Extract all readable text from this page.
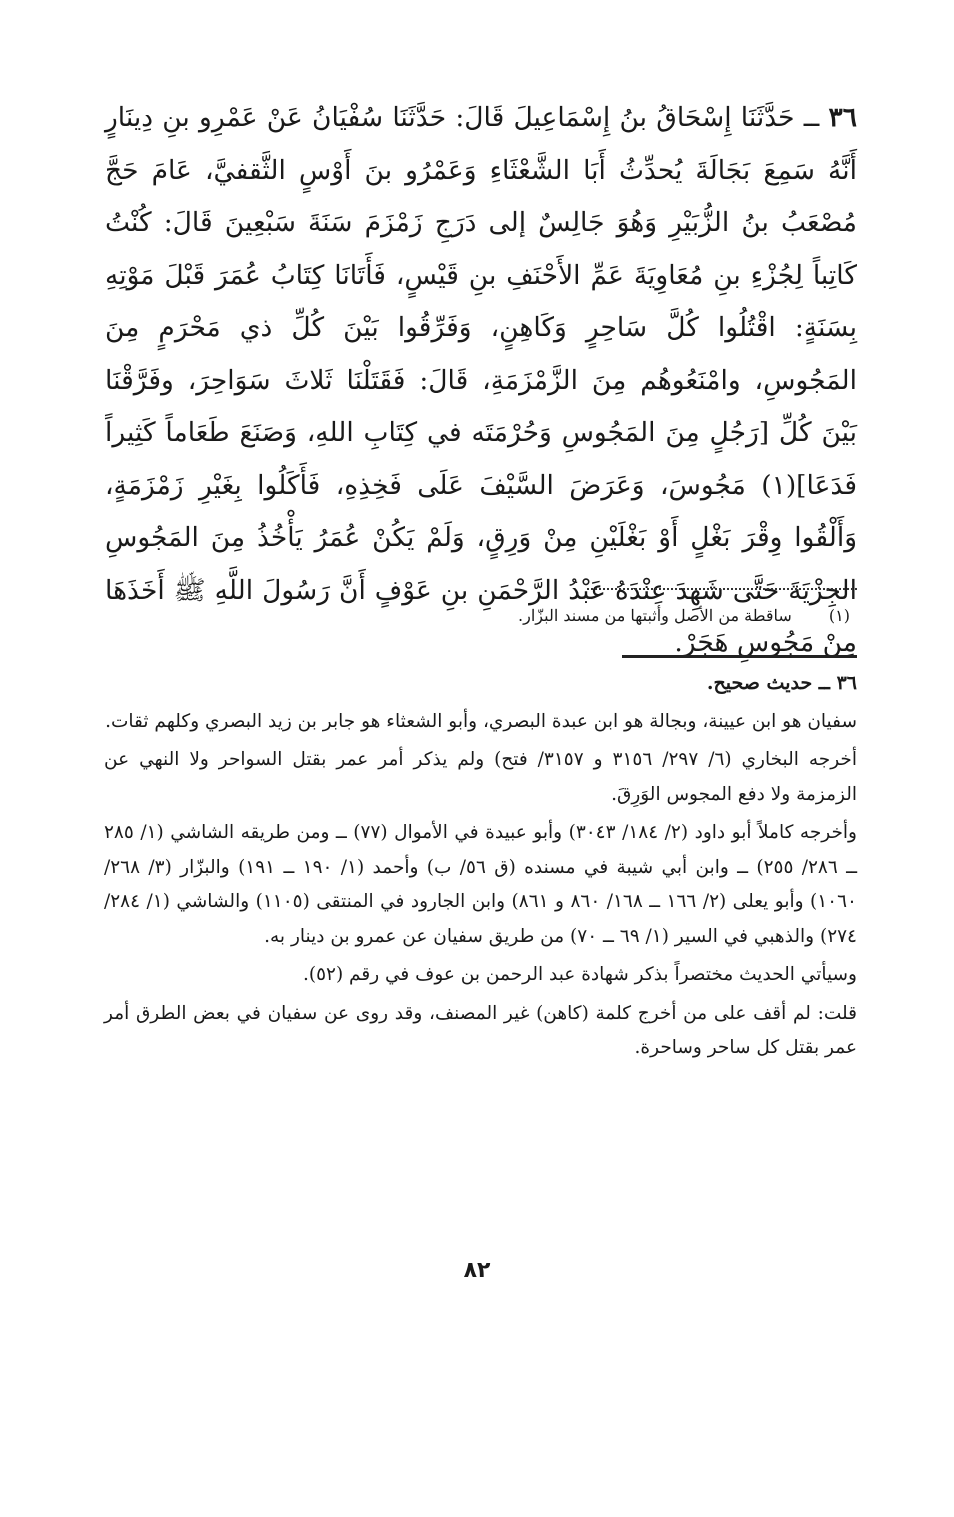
٣٦ ــ حَدَّثَنَا إِسْحَاقُ بنُ إِسْمَاعِيلَ قَالَ: حَدَّثَنَا سُفْيَانُ عَنْ عَمْرِو بنِ دِينَارٍ أَنَّهُ سَمِعَ بَجَالَةَ يُحدِّثُ أَبَا الشَّعْثَاءِ وَعَمْرُو بنَ أَوْسٍ الثَّقفيَّ، عَامَ حَجَّ مُصْعَبُ بنُ الزُّبَيْرِ وَهُوَ جَالِسٌ إلى دَرَجِ زَمْزَمَ سَنَةَ سَبْعِينَ قَالَ: كُنْتُ كَاتِباً لِجُزْءِ بنِ مُعَاوِيَةَ عَمِّ الأَحْنَفِ بنِ قَيْسٍ، فَأَتَانَا كِتَابُ عُمَرَ قَبْلَ مَوْتِهِ بِسَنَةٍ: اقْتُلُوا كُلَّ سَاحِرٍ وَكَاهِنٍ، وَفَرِّقُوا بَيْنَ كُلِّ ذي مَحْرَمٍ مِنَ المَجُوسِ، وامْنَعُوهُم مِنَ الزَّمْزَمَةِ، قَالَ: فَقَتَلْنَا ثَلاثَ سَوَاحِرَ، وفَرَّقْنَا بَيْنَ كُلِّ [رَجُلٍ مِنَ المَجُوسِ وَحُرْمَتَه في كِتَابِ اللهِ، وَصَنَعَ طَعَاماً كَثِيراً فَدَعَا](١) مَجُوسَ، وَعَرَضَ السَّيْفَ عَلَى فَخِذِهِ، فَأَكَلُوا بِغَيْرِ زَمْزَمَةٍ، وَأَلْقُوا وِقْرَ بَغْلٍ أَوْ بَغْلَيْنِ مِنْ وَرِقٍ، وَلَمْ يَكُنْ عُمَرُ يَأْخُذُ مِنَ المَجُوسِ الجِزْيَةَ حَتَّى شَهِدَ عِنْدَهُ عَبْدُ الرَّحْمَنِ بنِ عَوْفٍ أَنَّ رَسُولَ اللَّهِ ﷺ أَخَذَهَا مِنْ مَجُوسِ هَجَرْ.
(١) ساقطة من الأصل وأثبتها من مسند البزّار.

٣٦ ــ حديث صحيح.

سفيان هو ابن عيينة، وبجالة هو ابن عبدة البصري، وأبو الشعثاء هو جابر بن زيد البصري وكلهم ثقات.

أخرجه البخاري (٦/ ٢٩٧/ ٣١٥٦ و ٣١٥٧/ فتح) ولم يذكر أمر عمر بقتل السواحر ولا النهي عن الزمزمة ولا دفع المجوس الوَرِقَ.

وأخرجه كاملاً أبو داود (٢/ ١٨٤/ ٣٠٤٣) وأبو عبيدة في الأموال (٧٧) ــ ومن طريقه الشاشي (١/ ٢٨٥ ــ ٢٨٦/ ٢٥٥) ــ وابن أبي شيبة في مسنده (ق ٥٦/ ب) وأحمد (١/ ١٩٠ ــ ١٩١) والبزّار (٣/ ٢٦٨/ ١٠٦٠) وأبو يعلى (٢/ ١٦٦ ــ ١٦٨/ ٨٦٠ و ٨٦١) وابن الجارود في المنتقى (١١٠٥) والشاشي (١/ ٢٨٤/ ٢٧٤) والذهبي في السير (١/ ٦٩ ــ ٧٠) من طريق سفيان عن عمرو بن دينار به.

وسيأتي الحديث مختصراً بذكر شهادة عبد الرحمن بن عوف في رقم (٥٢).

قلت: لم أقف على من أخرج كلمة (كاهن) غير المصنف، وقد روى عن سفيان في بعض الطرق أمر عمر بقتل كل ساحر وساحرة.

٨٢
